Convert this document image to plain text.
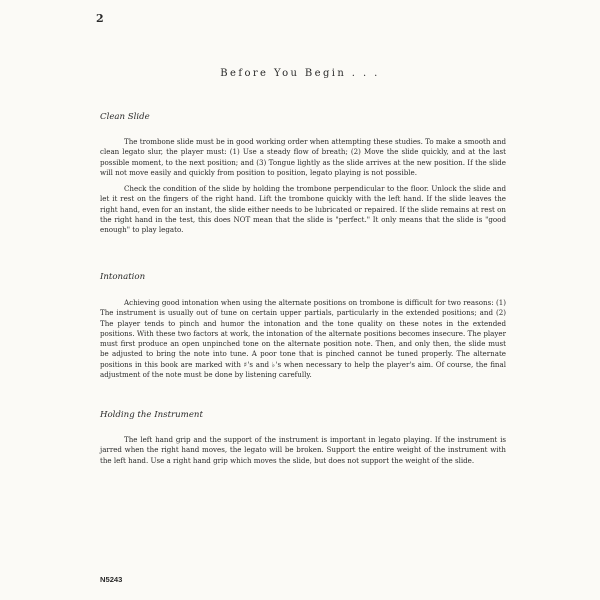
2
Before You Begin . . .

Clean Slide

The trombone slide must be in good working order when attempting these studies. To make a smooth and clean legato slur, the player must: (1) Use a steady flow of breath; (2) Move the slide quickly, and at the last possible moment, to the next position; and (3) Tongue lightly as the slide arrives at the new position. If the slide will not move easily and quickly from position to position, legato playing is not possible.

Check the condition of the slide by holding the trombone perpendicular to the floor. Unlock the slide and let it rest on the fingers of the right hand. Lift the trombone quickly with the left hand. If the slide leaves the right hand, even for an instant, the slide either needs to be lubricated or repaired. If the slide remains at rest on the right hand in the test, this does NOT mean that the slide is "perfect." It only means that the slide is "good enough" to play legato.

Intonation

Achieving good intonation when using the alternate positions on trombone is difficult for two reasons: (1) The instrument is usually out of tune on certain upper partials, particularly in the extended positions; and (2) The player tends to pinch and humor the intonation and the tone quality on these notes in the extended positions. With these two factors at work, the intonation of the alternate positions becomes insecure. The player must first produce an open unpinched tone on the alternate position note. Then, and only then, the slide must be adjusted to bring the note into tune. A poor tone that is pinched cannot be tuned properly. The alternate positions in this book are marked with ♯'s and ♭'s when necessary to help the player's aim. Of course, the final adjustment of the note must be done by listening carefully.

Holding the Instrument

The left hand grip and the support of the instrument is important in legato playing. If the instrument is jarred when the right hand moves, the legato will be broken. Support the entire weight of the instrument with the left hand. Use a right hand grip which moves the slide, but does not support the weight of the slide.

N5243
